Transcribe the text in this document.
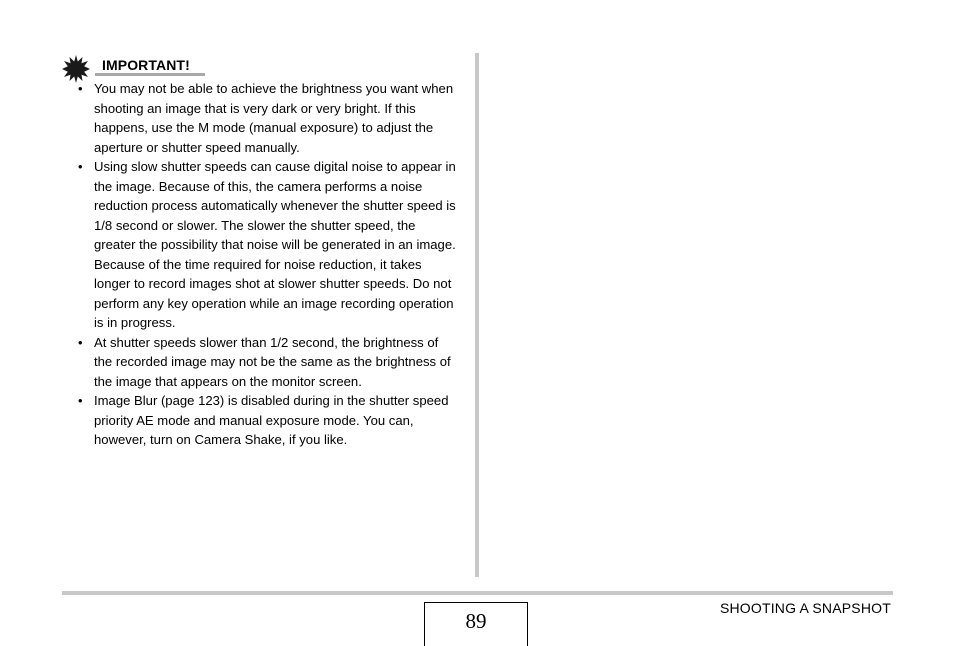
IMPORTANT!
• You may not be able to achieve the brightness you want when shooting an image that is very dark or very bright. If this happens, use the M mode (manual exposure) to adjust the aperture or shutter speed manually.
• Using slow shutter speeds can cause digital noise to appear in the image. Because of this, the camera performs a noise reduction process automatically whenever the shutter speed is 1/8 second or slower. The slower the shutter speed, the greater the possibility that noise will be generated in an image. Because of the time required for noise reduction, it takes longer to record images shot at slower shutter speeds. Do not perform any key operation while an image recording operation is in progress.
• At shutter speeds slower than 1/2 second, the brightness of the recorded image may not be the same as the brightness of the image that appears on the monitor screen.
• Image Blur (page 123) is disabled during in the shutter speed priority AE mode and manual exposure mode. You can, however, turn on Camera Shake, if you like.
89
SHOOTING A SNAPSHOT
